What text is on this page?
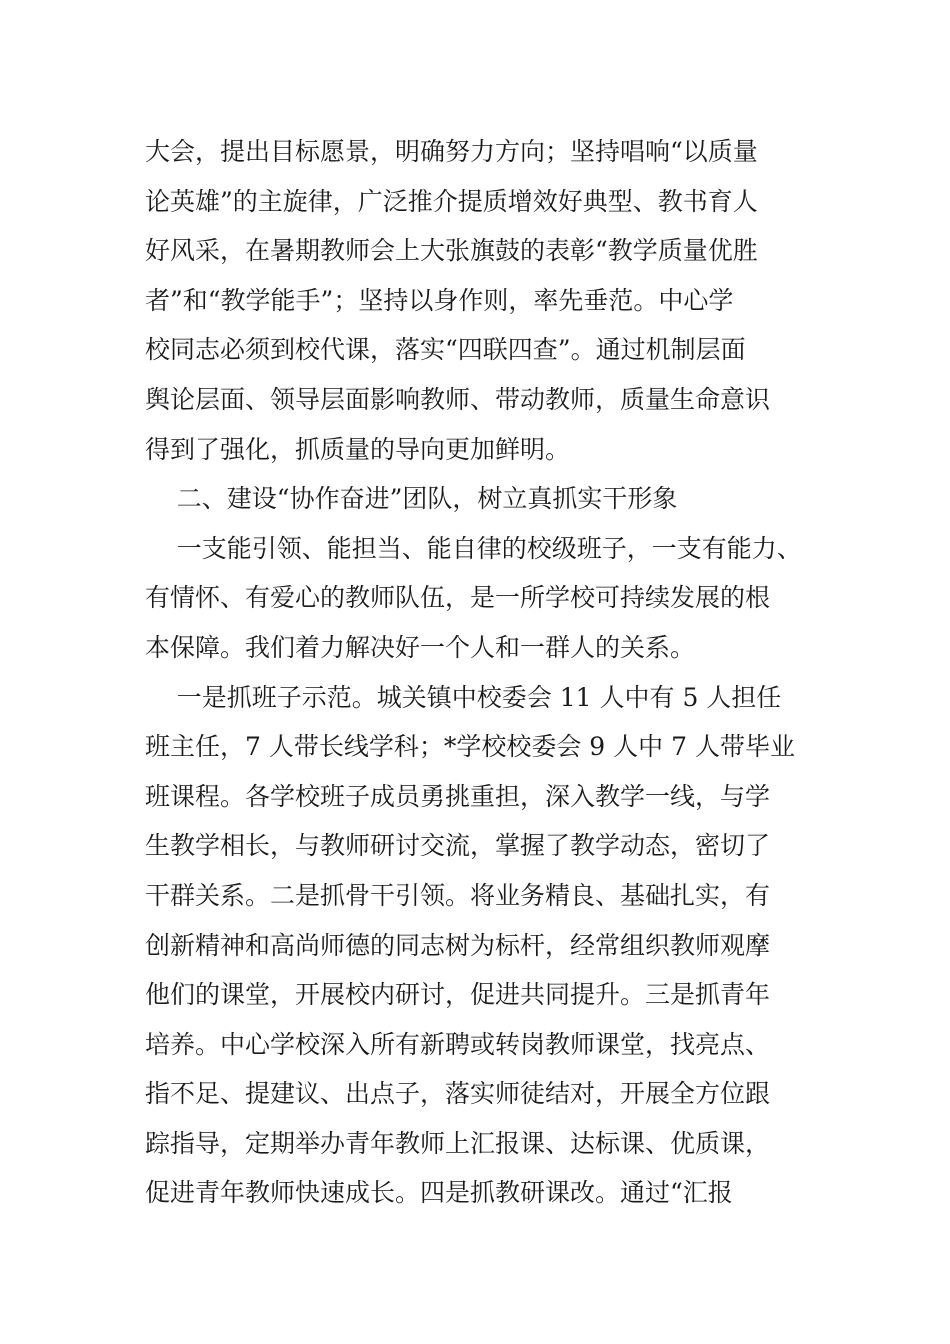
大会，提出目标愿景，明确努力方向；坚持唱响“以质量
论英雄”的主旋律，广泛推介提质增效好典型、教书育人
好风采，在暑期教师会上大张旗鼓的表彰“教学质量优胜
者”和“教学能手”；坚持以身作则，率先垂范。中心学
校同志必须到校代课，落实“四联四查”。通过机制层面
舆论层面、领导层面影响教师、带动教师，质量生命意识
得到了强化，抓质量的导向更加鲜明。
二、建设“协作奋进”团队，树立真抓实干形象
一支能引领、能担当、能自律的校级班子，一支有能力、
有情怀、有爱心的教师队伍，是一所学校可持续发展的根
本保障。我们着力解决好一个人和一群人的关系。
一是抓班子示范。城关镇中校委会 11 人中有 5 人担任
班主任，7 人带长线学科；*学校校委会 9 人中 7 人带毕业
班课程。各学校班子成员勇挑重担，深入教学一线，与学
生教学相长，与教师研讨交流，掌握了教学动态，密切了
干群关系。二是抓骨干引领。将业务精良、基础扎实，有
创新精神和高尚师德的同志树为标杆，经常组织教师观摩
他们的课堂，开展校内研讨，促进共同提升。三是抓青年
培养。中心学校深入所有新聘或转岗教师课堂，找亮点、
指不足、提建议、出点子，落实师徒结对，开展全方位跟
踪指导，定期举办青年教师上汇报课、达标课、优质课，
促进青年教师快速成长。四是抓教研课改。通过“汇报
